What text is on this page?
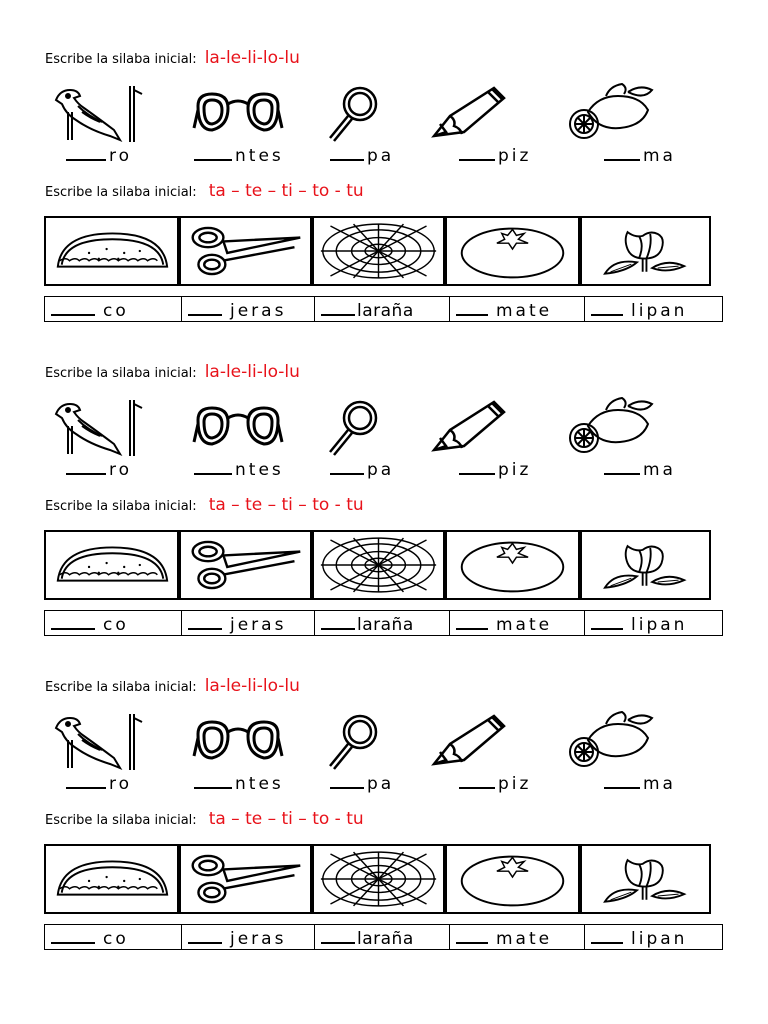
Escribe la silaba inicial: la-le-li-lo-lu
ro	ntes	pa	piz	ma
Escribe la silaba inicial: ta – te – ti – to - tu
co	jeras	laraña	mate	lipan
Escribe la silaba inicial: la-le-li-lo-lu
ro	ntes	pa	piz	ma
Escribe la silaba inicial: ta – te – ti – to - tu
co	jeras	laraña	mate	lipan
Escribe la silaba inicial: la-le-li-lo-lu
ro	ntes	pa	piz	ma
Escribe la silaba inicial: ta – te – ti – to - tu
co	jeras	laraña	mate	lipan
